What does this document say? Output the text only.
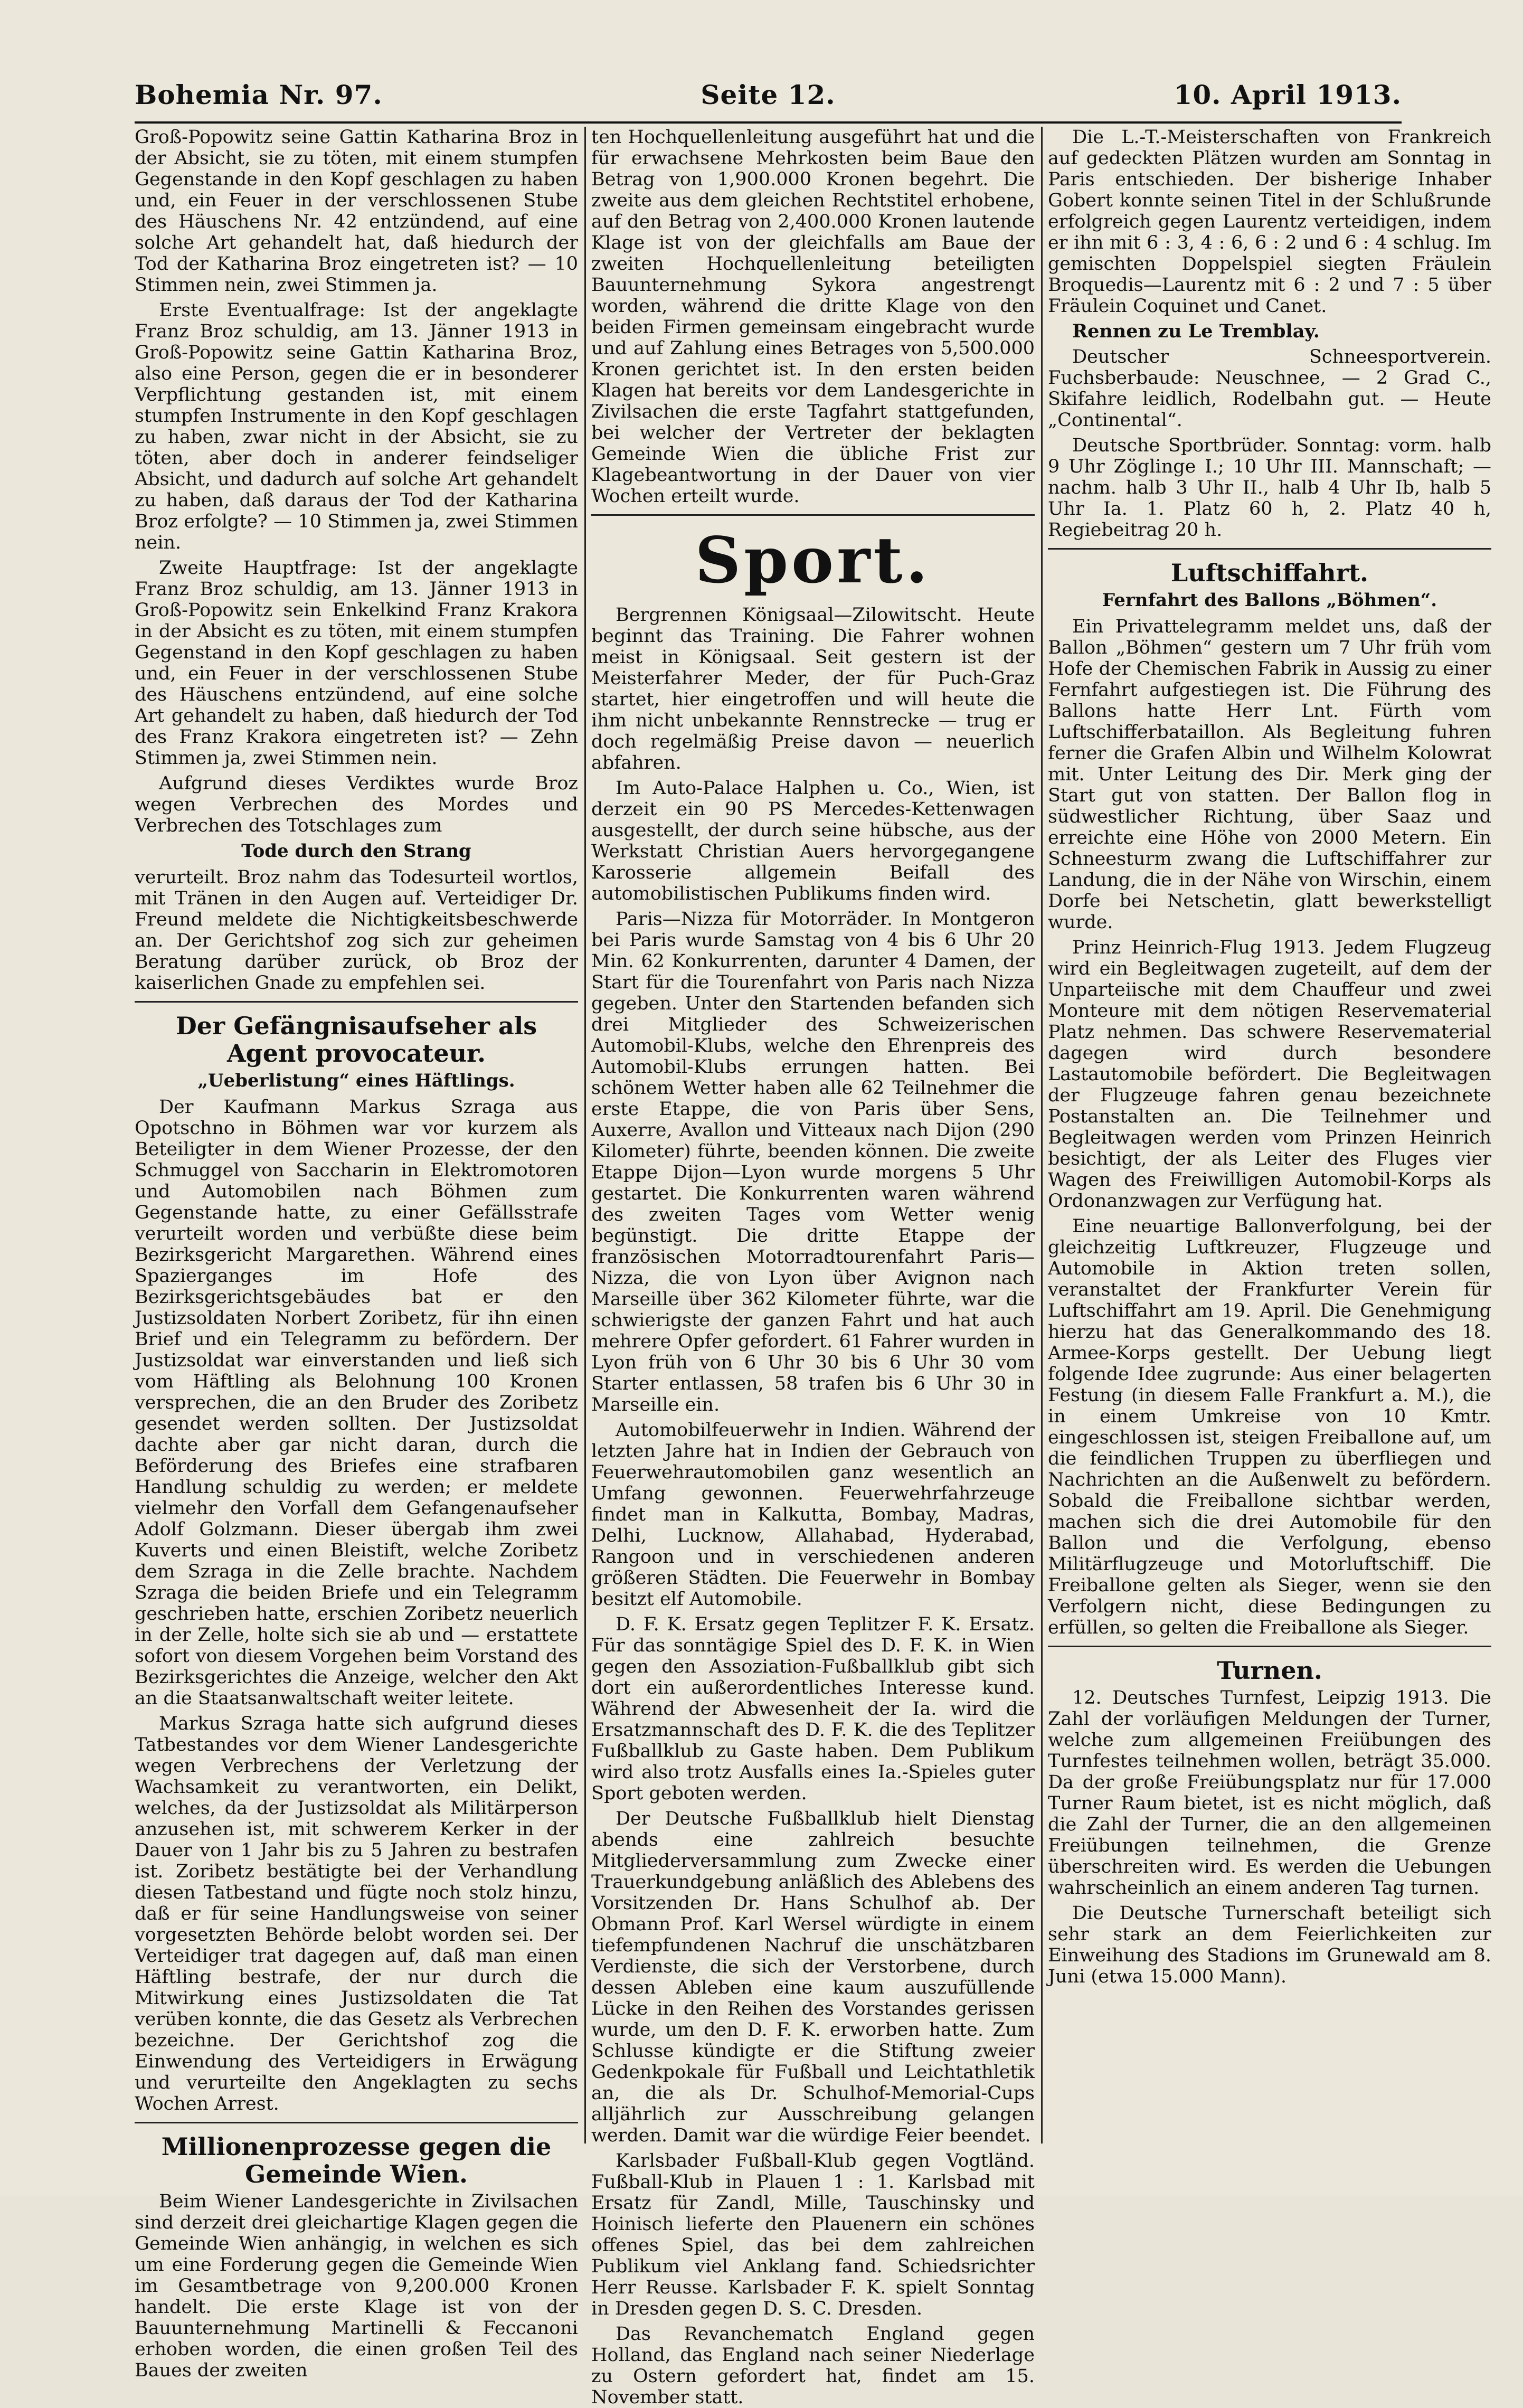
Bohemia Nr. 97.	Seite 12.	10. April 1913.

Groß-Popowitz seine Gattin Katharina Broz in der Absicht, sie zu töten, mit einem stumpfen Gegenstande in den Kopf geschlagen zu haben und, ein Feuer in der verschlossenen Stube des Häuschens Nr. 42 entzündend, auf eine solche Art gehandelt hat, daß hiedurch der Tod der Katharina Broz eingetreten ist? — 10 Stimmen nein, zwei Stimmen ja.

Erste Eventualfrage: Ist der angeklagte Franz Broz schuldig, am 13. Jänner 1913 in Groß-Popowitz seine Gattin Katharina Broz, also eine Person, gegen die er in besonderer Verpflichtung gestanden ist, mit einem stumpfen Instrumente in den Kopf geschlagen zu haben, zwar nicht in der Absicht, sie zu töten, aber doch in anderer feindseliger Absicht, und dadurch auf solche Art gehandelt zu haben, daß daraus der Tod der Katharina Broz erfolgte? — 10 Stimmen ja, zwei Stimmen nein.

Zweite Hauptfrage: Ist der angeklagte Franz Broz schuldig, am 13. Jänner 1913 in Groß-Popowitz sein Enkelkind Franz Krakora in der Absicht es zu töten, mit einem stumpfen Gegenstand in den Kopf geschlagen zu haben und, ein Feuer in der verschlossenen Stube des Häuschens entzündend, auf eine solche Art gehandelt zu haben, daß hiedurch der Tod des Franz Krakora eingetreten ist? — Zehn Stimmen ja, zwei Stimmen nein.

Aufgrund dieses Verdiktes wurde Broz wegen Verbrechen des Mordes und Verbrechen des Totschlages zum

Tode durch den Strang

verurteilt. Broz nahm das Todesurteil wortlos, mit Tränen in den Augen auf. Verteidiger Dr. Freund meldete die Nichtigkeitsbeschwerde an. Der Gerichtshof zog sich zur geheimen Beratung darüber zurück, ob Broz der kaiserlichen Gnade zu empfehlen sei.

Der Gefängnisaufseher als Agent provocateur.
„Ueberlistung“ eines Häftlings.

Der Kaufmann Markus Szraga aus Opotschno in Böhmen war vor kurzem als Beteiligter in dem Wiener Prozesse, der den Schmuggel von Saccharin in Elektromotoren und Automobilen nach Böhmen zum Gegenstande hatte, zu einer Gefällsstrafe verurteilt worden und verbüßte diese beim Bezirksgericht Margarethen. Während eines Spazierganges im Hofe des Bezirksgerichtsgebäudes bat er den Justizsoldaten Norbert Zoribetz, für ihn einen Brief und ein Telegramm zu befördern. Der Justizsoldat war einverstanden und ließ sich vom Häftling als Belohnung 100 Kronen versprechen, die an den Bruder des Zoribetz gesendet werden sollten. Der Justizsoldat dachte aber gar nicht daran, durch die Beförderung des Briefes eine strafbaren Handlung schuldig zu werden; er meldete vielmehr den Vorfall dem Gefangenaufseher Adolf Golzmann. Dieser übergab ihm zwei Kuverts und einen Bleistift, welche Zoribetz dem Szraga in die Zelle brachte. Nachdem Szraga die beiden Briefe und ein Telegramm geschrieben hatte, erschien Zoribetz neuerlich in der Zelle, holte sich sie ab und — erstattete sofort von diesem Vorgehen beim Vorstand des Bezirksgerichtes die Anzeige, welcher den Akt an die Staatsanwaltschaft weiter leitete.

Markus Szraga hatte sich aufgrund dieses Tatbestandes vor dem Wiener Landesgerichte wegen Verbrechens der Verletzung der Wachsamkeit zu verantworten, ein Delikt, welches, da der Justizsoldat als Militärperson anzusehen ist, mit schwerem Kerker in der Dauer von 1 Jahr bis zu 5 Jahren zu bestrafen ist. Zoribetz bestätigte bei der Verhandlung diesen Tatbestand und fügte noch stolz hinzu, daß er für seine Handlungsweise von seiner vorgesetzten Behörde belobt worden sei. Der Verteidiger trat dagegen auf, daß man einen Häftling bestrafe, der nur durch die Mitwirkung eines Justizsoldaten die Tat verüben konnte, die das Gesetz als Verbrechen bezeichne. Der Gerichtshof zog die Einwendung des Verteidigers in Erwägung und verurteilte den Angeklagten zu sechs Wochen Arrest.

Millionenprozesse gegen die Gemeinde Wien.

Beim Wiener Landesgerichte in Zivilsachen sind derzeit drei gleichartige Klagen gegen die Gemeinde Wien anhängig, in welchen es sich um eine Forderung gegen die Gemeinde Wien im Gesamtbetrage von 9,200.000 Kronen handelt. Die erste Klage ist von der Bauunternehmung Martinelli & Feccanoni erhoben worden, die einen großen Teil des Baues der zweiten

ten Hochquellenleitung ausgeführt hat und die für erwachsene Mehrkosten beim Baue den Betrag von 1,900.000 Kronen begehrt. Die zweite aus dem gleichen Rechtstitel erhobene, auf den Betrag von 2,400.000 Kronen lautende Klage ist von der gleichfalls am Baue der zweiten Hochquellenleitung beteiligten Bauunternehmung Sykora angestrengt worden, während die dritte Klage von den beiden Firmen gemeinsam eingebracht wurde und auf Zahlung eines Betrages von 5,500.000 Kronen gerichtet ist. In den ersten beiden Klagen hat bereits vor dem Landesgerichte in Zivilsachen die erste Tagfahrt stattgefunden, bei welcher der Vertreter der beklagten Gemeinde Wien die übliche Frist zur Klagebeantwortung in der Dauer von vier Wochen erteilt wurde.

Sport.

Bergrennen Königsaal—Zilowitscht. Heute beginnt das Training. Die Fahrer wohnen meist in Königsaal. Seit gestern ist der Meisterfahrer Meder, der für Puch-Graz startet, hier eingetroffen und will heute die ihm nicht unbekannte Rennstrecke — trug er doch regelmäßig Preise davon — neuerlich abfahren.

Im Auto-Palace Halphen u. Co., Wien, ist derzeit ein 90 PS Mercedes-Kettenwagen ausgestellt, der durch seine hübsche, aus der Werkstatt Christian Auers hervorgegangene Karosserie allgemein Beifall des automobilistischen Publikums finden wird.

Paris—Nizza für Motorräder. In Montgeron bei Paris wurde Samstag von 4 bis 6 Uhr 20 Min. 62 Konkurrenten, darunter 4 Damen, der Start für die Tourenfahrt von Paris nach Nizza gegeben. Unter den Startenden befanden sich drei Mitglieder des Schweizerischen Automobil-Klubs, welche den Ehrenpreis des Automobil-Klubs errungen hatten. Bei schönem Wetter haben alle 62 Teilnehmer die erste Etappe, die von Paris über Sens, Auxerre, Avallon und Vitteaux nach Dijon (290 Kilometer) führte, beenden können. Die zweite Etappe Dijon—Lyon wurde morgens 5 Uhr gestartet. Die Konkurrenten waren während des zweiten Tages vom Wetter wenig begünstigt. Die dritte Etappe der französischen Motorradtourenfahrt Paris—Nizza, die von Lyon über Avignon nach Marseille über 362 Kilometer führte, war die schwierigste der ganzen Fahrt und hat auch mehrere Opfer gefordert. 61 Fahrer wurden in Lyon früh von 6 Uhr 30 bis 6 Uhr 30 vom Starter entlassen, 58 trafen bis 6 Uhr 30 in Marseille ein.

Automobilfeuerwehr in Indien. Während der letzten Jahre hat in Indien der Gebrauch von Feuerwehrautomobilen ganz wesentlich an Umfang gewonnen. Feuerwehrfahrzeuge findet man in Kalkutta, Bombay, Madras, Delhi, Lucknow, Allahabad, Hyderabad, Rangoon und in verschiedenen anderen größeren Städten. Die Feuerwehr in Bombay besitzt elf Automobile.

D. F. K. Ersatz gegen Teplitzer F. K. Ersatz. Für das sonntägige Spiel des D. F. K. in Wien gegen den Assoziation-Fußballklub gibt sich dort ein außerordentliches Interesse kund. Während der Abwesenheit der Ia. wird die Ersatzmannschaft des D. F. K. die des Teplitzer Fußballklub zu Gaste haben. Dem Publikum wird also trotz Ausfalls eines Ia.-Spieles guter Sport geboten werden.

Der Deutsche Fußballklub hielt Dienstag abends eine zahlreich besuchte Mitgliederversammlung zum Zwecke einer Trauerkundgebung anläßlich des Ablebens des Vorsitzenden Dr. Hans Schulhof ab. Der Obmann Prof. Karl Wersel würdigte in einem tiefempfundenen Nachruf die unschätzbaren Verdienste, die sich der Verstorbene, durch dessen Ableben eine kaum auszufüllende Lücke in den Reihen des Vorstandes gerissen wurde, um den D. F. K. erworben hatte. Zum Schlusse kündigte er die Stiftung zweier Gedenkpokale für Fußball und Leichtathletik an, die als Dr. Schulhof-Memorial-Cups alljährlich zur Ausschreibung gelangen werden. Damit war die würdige Feier beendet.

Karlsbader Fußball-Klub gegen Vogtländ. Fußball-Klub in Plauen 1 : 1. Karlsbad mit Ersatz für Zandl, Mille, Tauschinsky und Hoinisch lieferte den Plauenern ein schönes offenes Spiel, das bei dem zahlreichen Publikum viel Anklang fand. Schiedsrichter Herr Reusse. Karlsbader F. K. spielt Sonntag in Dresden gegen D. S. C. Dresden.

Das Revanchematch England gegen Holland, das England nach seiner Niederlage zu Ostern gefordert hat, findet am 15. November statt.

Die L.-T.-Meisterschaften von Frankreich auf gedeckten Plätzen wurden am Sonntag in Paris entschieden. Der bisherige Inhaber Gobert konnte seinen Titel in der Schlußrunde erfolgreich gegen Laurentz verteidigen, indem er ihn mit 6 : 3, 4 : 6, 6 : 2 und 6 : 4 schlug. Im gemischten Doppelspiel siegten Fräulein Broquedis—Laurentz mit 6 : 2 und 7 : 5 über Fräulein Coquinet und Canet.

Rennen zu Le Tremblay.

Deutscher Schneesportverein. Fuchsberbaude: Neuschnee, — 2 Grad C., Skifahre leidlich, Rodelbahn gut. — Heute „Continental“.

Deutsche Sportbrüder. Sonntag: vorm. halb 9 Uhr Zöglinge I.; 10 Uhr III. Mannschaft; — nachm. halb 3 Uhr II., halb 4 Uhr Ib, halb 5 Uhr Ia. 1. Platz 60 h, 2. Platz 40 h, Regiebeitrag 20 h.

Luftschiffahrt.
Fernfahrt des Ballons „Böhmen“.

Ein Privattelegramm meldet uns, daß der Ballon „Böhmen“ gestern um 7 Uhr früh vom Hofe der Chemischen Fabrik in Aussig zu einer Fernfahrt aufgestiegen ist. Die Führung des Ballons hatte Herr Lnt. Fürth vom Luftschifferbataillon. Als Begleitung fuhren ferner die Grafen Albin und Wilhelm Kolowrat mit. Unter Leitung des Dir. Merk ging der Start gut von statten. Der Ballon flog in südwestlicher Richtung, über Saaz und erreichte eine Höhe von 2000 Metern. Ein Schneesturm zwang die Luftschiffahrer zur Landung, die in der Nähe von Wirschin, einem Dorfe bei Netschetin, glatt bewerkstelligt wurde.

Prinz Heinrich-Flug 1913. Jedem Flugzeug wird ein Begleitwagen zugeteilt, auf dem der Unparteiische mit dem Chauffeur und zwei Monteure mit dem nötigen Reservematerial Platz nehmen. Das schwere Reservematerial dagegen wird durch besondere Lastautomobile befördert. Die Begleitwagen der Flugzeuge fahren genau bezeichnete Postanstalten an. Die Teilnehmer und Begleitwagen werden vom Prinzen Heinrich besichtigt, der als Leiter des Fluges vier Wagen des Freiwilligen Automobil-Korps als Ordonanzwagen zur Verfügung hat.

Eine neuartige Ballonverfolgung, bei der gleichzeitig Luftkreuzer, Flugzeuge und Automobile in Aktion treten sollen, veranstaltet der Frankfurter Verein für Luftschiffahrt am 19. April. Die Genehmigung hierzu hat das Generalkommando des 18. Armee-Korps gestellt. Der Uebung liegt folgende Idee zugrunde: Aus einer belagerten Festung (in diesem Falle Frankfurt a. M.), die in einem Umkreise von 10 Kmtr. eingeschlossen ist, steigen Freiballone auf, um die feindlichen Truppen zu überfliegen und Nachrichten an die Außenwelt zu befördern. Sobald die Freiballone sichtbar werden, machen sich die drei Automobile für den Ballon und die Verfolgung, ebenso Militärflugzeuge und Motorluftschiff. Die Freiballone gelten als Sieger, wenn sie den Verfolgern nicht, diese Bedingungen zu erfüllen, so gelten die Freiballone als Sieger.

Turnen.

12. Deutsches Turnfest, Leipzig 1913. Die Zahl der vorläufigen Meldungen der Turner, welche zum allgemeinen Freiübungen des Turnfestes teilnehmen wollen, beträgt 35.000. Da der große Freiübungsplatz nur für 17.000 Turner Raum bietet, ist es nicht möglich, daß die Zahl der Turner, die an den allgemeinen Freiübungen teilnehmen, die Grenze überschreiten wird. Es werden die Uebungen wahrscheinlich an einem anderen Tag turnen.

Die Deutsche Turnerschaft beteiligt sich sehr stark an dem Feierlichkeiten zur Einweihung des Stadions im Grunewald am 8. Juni (etwa 15.000 Mann).
